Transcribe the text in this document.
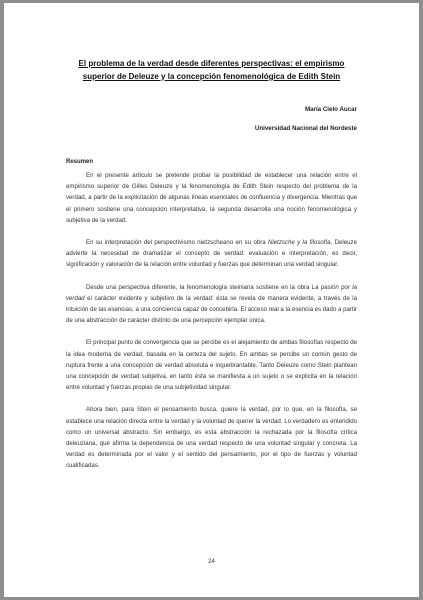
El problema de la verdad desde diferentes perspectivas: el empirismo
superior de Deleuze y la concepción fenomenológica de Edith Stein
María Cielo Aucar
Universidad Nacional del Nordeste
Resumen

En el presente artículo se pretende probar la posibilidad de establecer una relación entre el empirismo superior de Gilles Deleuze y la fenomenología de Edith Stein respecto del problema de la verdad, a partir de la explicitación de algunas líneas esenciales de confluencia y divergencia. Mientras que el primero sostiene una concepción interpretativa, la segunda desarrolla una noción fenomenológica y subjetiva de la verdad.

En su interpretación del perspectivismo nietzscheano en su obra Nietzsche y la filosofía, Deleuze advierte la necesidad de dramatizar el concepto de verdad: evaluación e interpretación, es decir, significación y valoración de la relación entre voluntad y fuerzas que determinan una verdad singular.

Desde una perspectiva diferente, la fenomenología steiniana sostiene en la obra La pasión por la verdad el carácter evidente y subjetivo de la verdad: ésta se revela de manera evidente, a través de la intuición de las esencias, a una conciencia capaz de concebirla. El acceso real a la esencia es dado a partir de una abstracción de carácter distinto de una percepción ejemplar única.

El principal punto de convergencia que se percibe es el alejamiento de ambas filosofías respecto de la idea moderna de verdad, basada en la certeza del sujeto. En ambas se percibe un común gesto de ruptura frente a una concepción de verdad absoluta e inquebrantable. Tanto Deleuze como Stein plantean una concepción de verdad subjetiva, en tanto ésta se manifiesta a un sujeto o se explicita en la relación entre voluntad y fuerzas propias de una subjetividad singular.

Ahora bien, para Stein el pensamiento busca, quiere la verdad, por lo que, en la filosofía, se establece una relación directa entre la verdad y la voluntad de querer la verdad. Lo verdadero es entendido como un universal abstracto. Sin embargo, es esta abstracción la rechazada por la filosofía crítica deleuziana, que afirma la dependencia de una verdad respecto de una voluntad singular y concreta. La verdad es determinada por el valor y el sentido del pensamiento, por el tipo de fuerzas y voluntad cualificadas.

24
